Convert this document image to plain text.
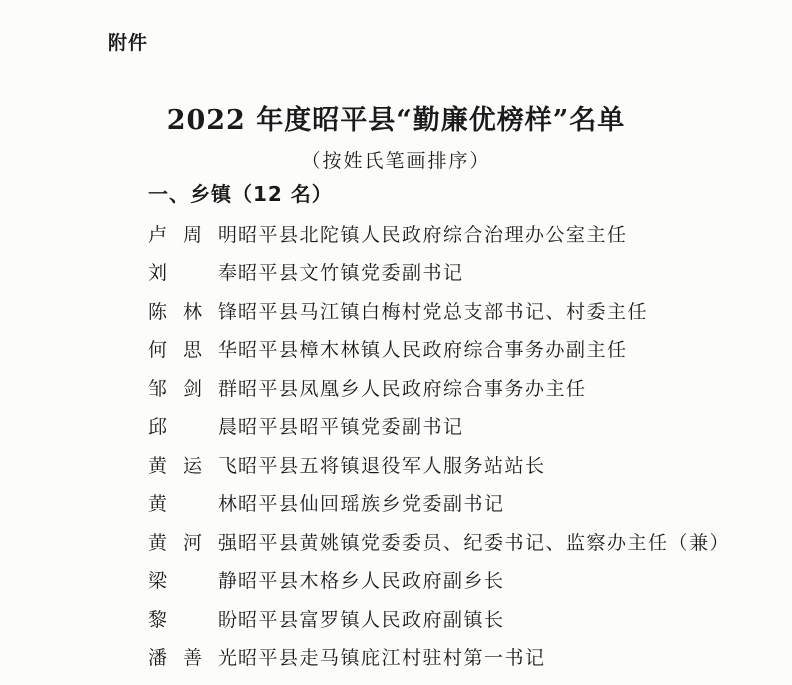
附件
2022 年度昭平县“勤廉优榜样”名单
（按姓氏笔画排序）
一、乡镇（12 名）
卢周明 昭平县北陀镇人民政府综合治理办公室主任
刘 奉 昭平县文竹镇党委副书记
陈林锋 昭平县马江镇白梅村党总支部书记、村委主任
何思华 昭平县樟木林镇人民政府综合事务办副主任
邹剑群 昭平县凤凰乡人民政府综合事务办主任
邱 晨 昭平县昭平镇党委副书记
黄运飞 昭平县五将镇退役军人服务站站长
黄 林 昭平县仙回瑶族乡党委副书记
黄河强 昭平县黄姚镇党委委员、纪委书记、监察办主任（兼）
梁 静 昭平县木格乡人民政府副乡长
黎 盼 昭平县富罗镇人民政府副镇长
潘善光 昭平县走马镇庇江村驻村第一书记
